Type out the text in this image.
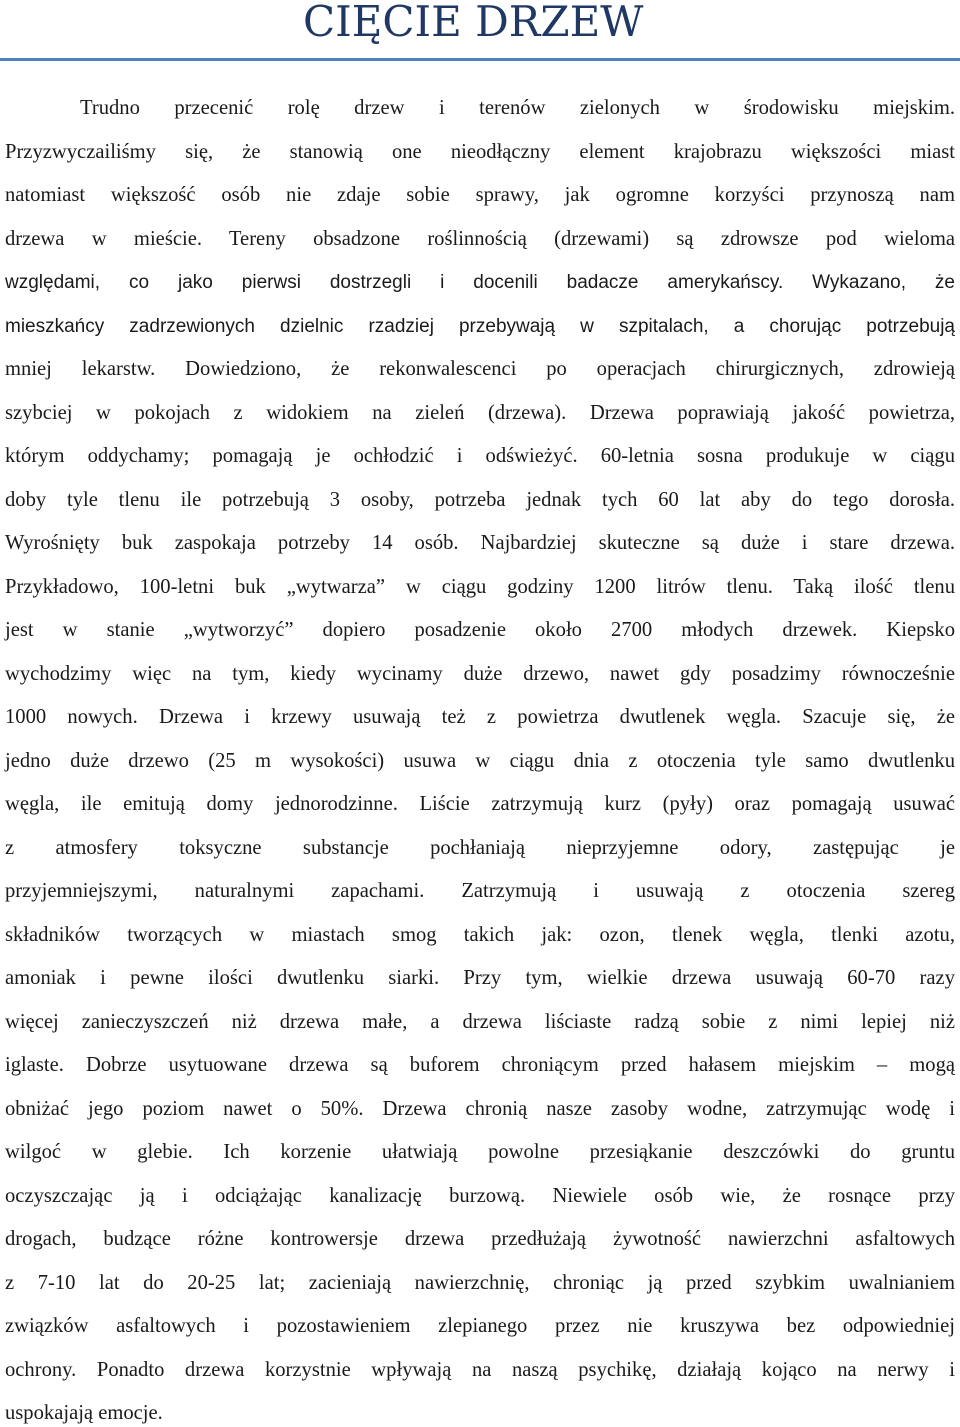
CIĘCIE DRZEW
Trudno przecenić rolę drzew i terenów zielonych w środowisku miejskim.
Przyzwyczailiśmy się, że stanowią one nieodłączny element krajobrazu większości miast
natomiast większość osób nie zdaje sobie sprawy, jak ogromne korzyści przynoszą nam
drzewa w mieście. Tereny obsadzone roślinnością (drzewami) są zdrowsze pod wieloma
względami, co jako pierwsi dostrzegli i docenili badacze amerykańscy. Wykazano, że
mieszkańcy zadrzewionych dzielnic rzadziej przebywają w szpitalach, a chorując potrzebują
mniej lekarstw. Dowiedziono, że rekonwalescenci po operacjach chirurgicznych, zdrowieją
szybciej w pokojach z widokiem na zieleń (drzewa). Drzewa poprawiają jakość powietrza,
którym oddychamy; pomagają je ochłodzić i odświeżyć. 60-letnia sosna produkuje w ciągu
doby tyle tlenu ile potrzebują 3 osoby, potrzeba jednak tych 60 lat aby do tego dorosła.
Wyrośnięty buk zaspokaja potrzeby 14 osób. Najbardziej skuteczne są duże i stare drzewa.
Przykładowo, 100-letni buk „wytwarza” w ciągu godziny 1200 litrów tlenu. Taką ilość tlenu
jest w stanie „wytworzyć” dopiero posadzenie około 2700 młodych drzewek. Kiepsko
wychodzimy więc na tym, kiedy wycinamy duże drzewo, nawet gdy posadzimy równocześnie
1000 nowych. Drzewa i krzewy usuwają też z powietrza dwutlenek węgla. Szacuje się, że
jedno duże drzewo (25 m wysokości) usuwa w ciągu dnia z otoczenia tyle samo dwutlenku
węgla, ile emitują domy jednorodzinne. Liście zatrzymują kurz (pyły) oraz pomagają usuwać
z atmosfery toksyczne substancje pochłaniają nieprzyjemne odory, zastępując je
przyjemniejszymi, naturalnymi zapachami. Zatrzymują i usuwają z otoczenia szereg
składników tworzących w miastach smog takich jak: ozon, tlenek węgla, tlenki azotu,
amoniak i pewne ilości dwutlenku siarki. Przy tym, wielkie drzewa usuwają 60-70 razy
więcej zanieczyszczeń niż drzewa małe, a drzewa liściaste radzą sobie z nimi lepiej niż
iglaste. Dobrze usytuowane drzewa są buforem chroniącym przed hałasem miejskim – mogą
obniżać jego poziom nawet o 50%. Drzewa chronią nasze zasoby wodne, zatrzymując wodę i
wilgoć w glebie. Ich korzenie ułatwiają powolne przesiąkanie deszczówki do gruntu
oczyszczając ją i odciążając kanalizację burzową. Niewiele osób wie, że rosnące przy
drogach, budzące różne kontrowersje drzewa przedłużają żywotność nawierzchni asfaltowych
z 7-10 lat do 20-25 lat; zacieniają nawierzchnię, chroniąc ją przed szybkim uwalnianiem
związków asfaltowych i pozostawieniem zlepianego przez nie kruszywa bez odpowiedniej
ochrony. Ponadto drzewa korzystnie wpływają na naszą psychikę, działają kojąco na nerwy i
uspokajają emocje.
